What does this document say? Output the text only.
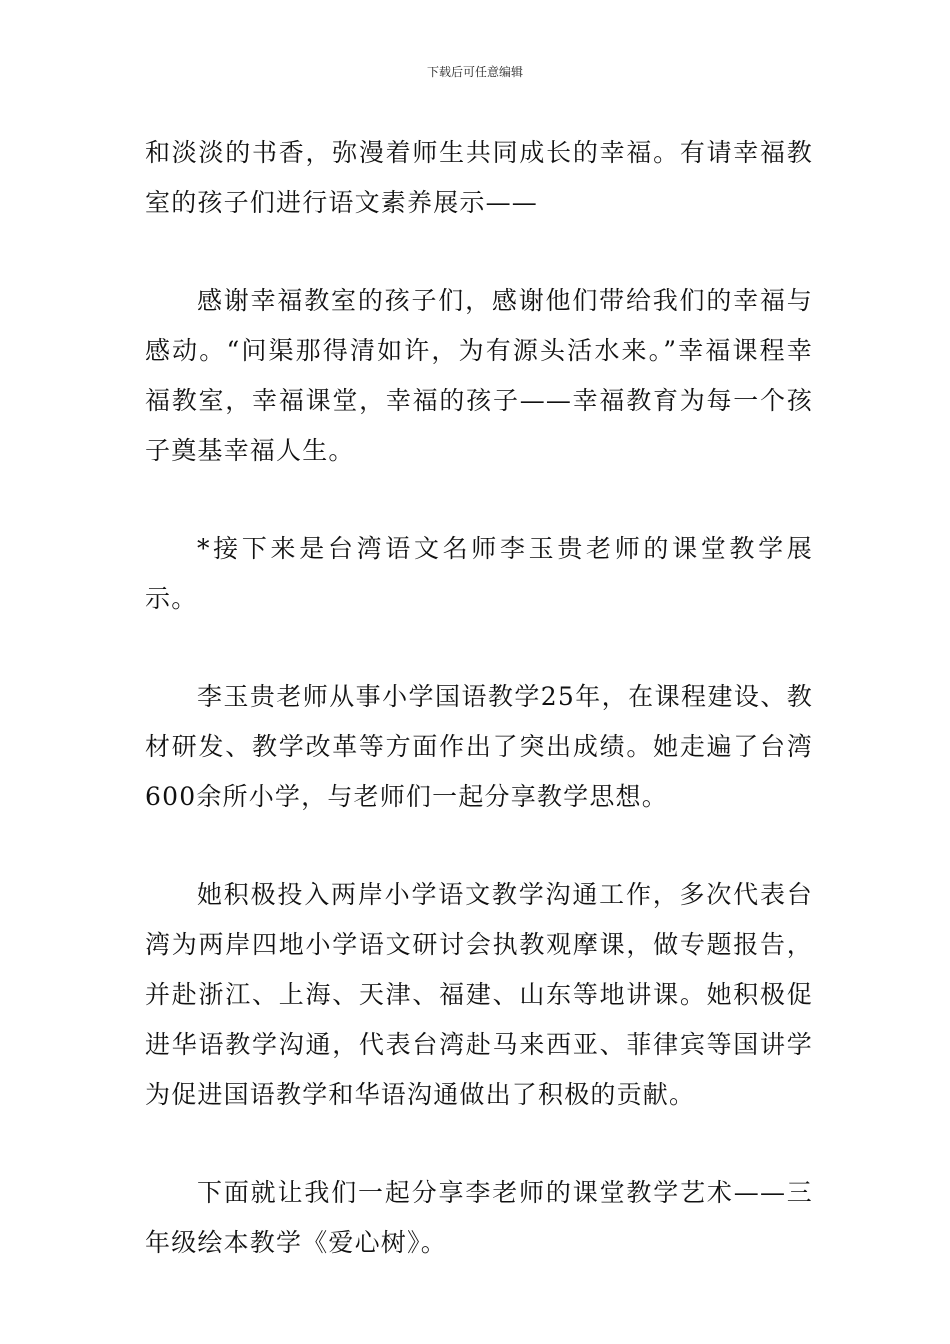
下载后可任意编辑

和淡淡的书香，弥漫着师生共同成长的幸福。有请幸福教室的孩子们进行语文素养展示——

感谢幸福教室的孩子们，感谢他们带给我们的幸福与感动。“问渠那得清如许，为有源头活水来。”幸福课程幸福教室，幸福课堂，幸福的孩子——幸福教育为每一个孩子奠基幸福人生。

*接下来是台湾语文名师李玉贵老师的课堂教学展示。

李玉贵老师从事小学国语教学25年，在课程建设、教材研发、教学改革等方面作出了突出成绩。她走遍了台湾600余所小学，与老师们一起分享教学思想。

她积极投入两岸小学语文教学沟通工作，多次代表台湾为两岸四地小学语文研讨会执教观摩课，做专题报告，并赴浙江、上海、天津、福建、山东等地讲课。她积极促进华语教学沟通，代表台湾赴马来西亚、菲律宾等国讲学为促进国语教学和华语沟通做出了积极的贡献。

下面就让我们一起分享李老师的课堂教学艺术——三年级绘本教学《爱心树》。
